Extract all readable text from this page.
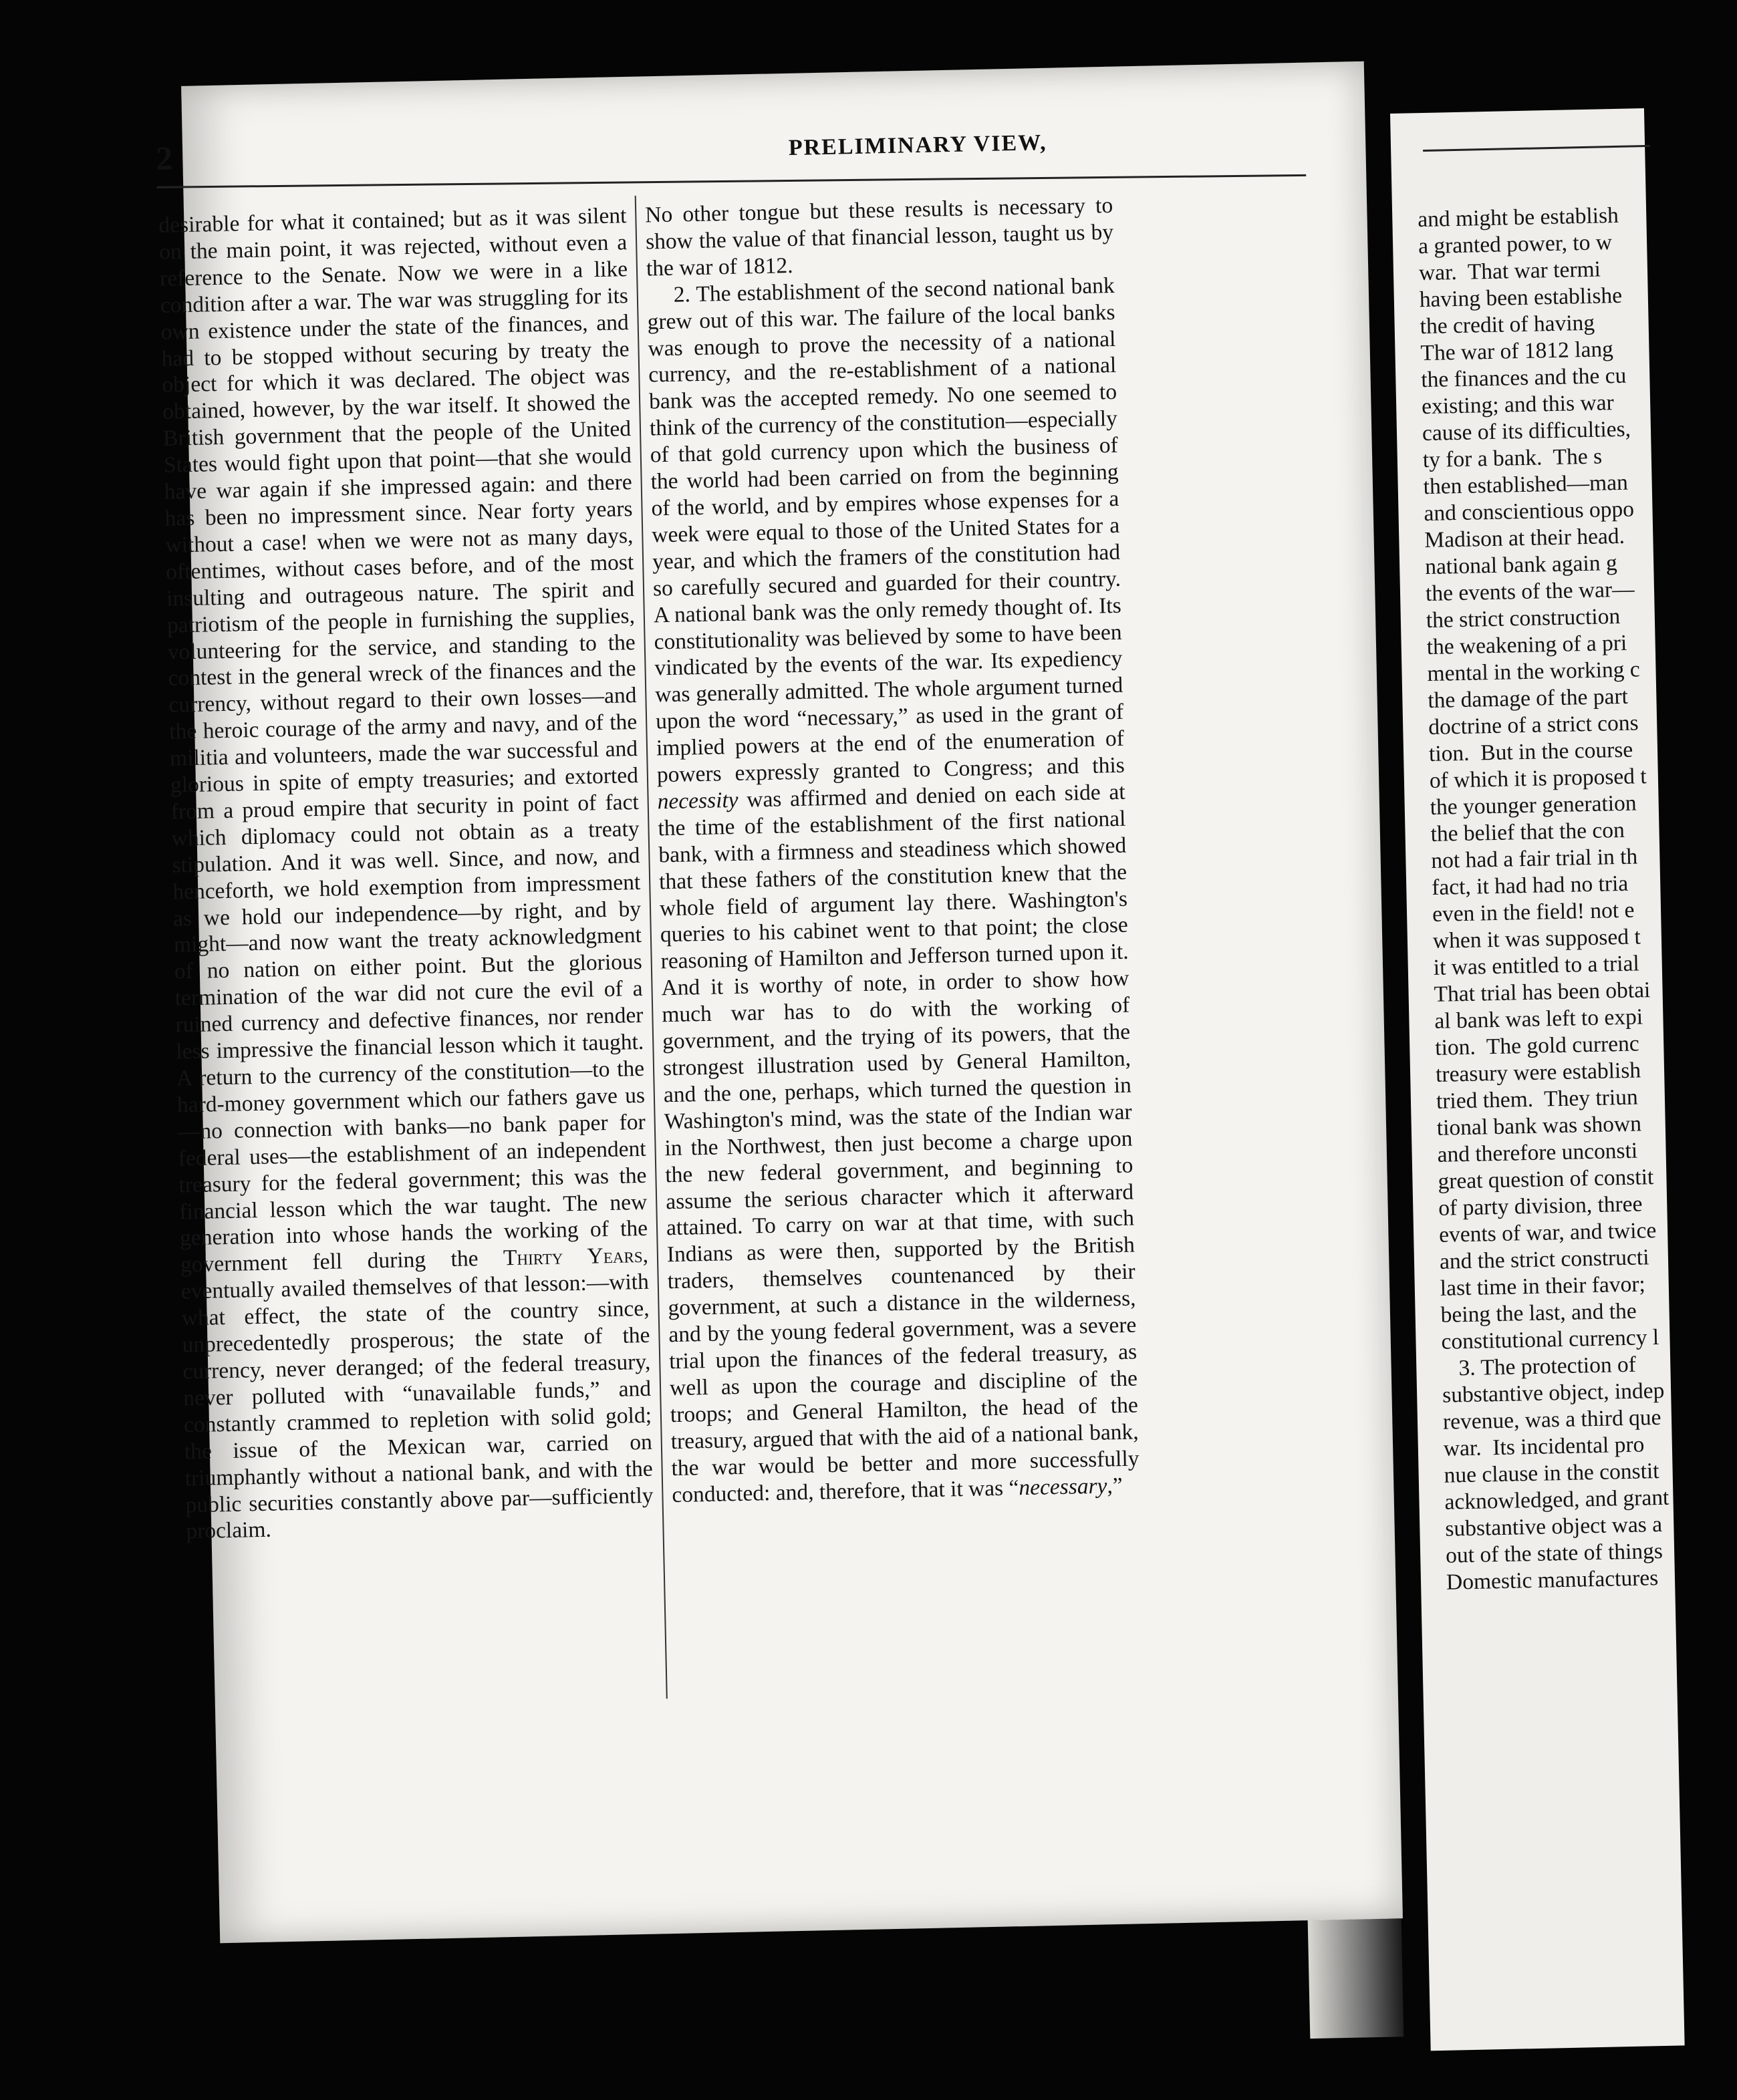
and might be establish
a granted power, to w
war.  That war termi
having been establishe
the credit of having
The war of 1812 lang
the finances and the cu
existing; and this war
cause of its difficulties,
ty for a bank.  The s
then established—man
and conscientious oppo
Madison at their head.
national bank again g
the events of the war—
the strict construction
the weakening of a pri
mental in the working c
the damage of the part
doctrine of a strict cons
tion.  But in the course
of which it is proposed t
the younger generation
the belief that the con
not had a fair trial in th
fact, it had had no tria
even in the field! not e
when it was supposed t
it was entitled to a trial
That trial has been obtai
al bank was left to expi
tion.  The gold currenc
treasury were establish
tried them.  They triun
tional bank was shown
and therefore unconsti
great question of constit
of party division, three
events of war, and twice
and the strict constructi
last time in their favor;
being the last, and the
constitutional currency l
3. The protection of
substantive object, indep
revenue, was a third que
war.  Its incidental pro
nue clause in the constit
acknowledged, and grant
substantive object was a
out of the state of things
Domestic manufactures
2	PRELIMINARY VIEW,

desirable for what it contained; but as it was silent on the main point, it was rejected, without even a reference to the Senate. Now we were in a like condition after a war. The war was struggling for its own existence under the state of the finances, and had to be stopped without securing by treaty the object for which it was declared. The object was obtained, however, by the war itself. It showed the British government that the people of the United States would fight upon that point—that she would have war again if she impressed again: and there has been no impressment since. Near forty years without a case! when we were not as many days, oftentimes, without cases before, and of the most insulting and outrageous nature. The spirit and patriotism of the people in furnishing the supplies, volunteering for the service, and standing to the contest in the general wreck of the finances and the currency, without regard to their own losses—and the heroic courage of the army and navy, and of the militia and volunteers, made the war successful and glorious in spite of empty treasuries; and extorted from a proud empire that security in point of fact which diplomacy could not obtain as a treaty stipulation. And it was well. Since, and now, and henceforth, we hold exemption from impressment as we hold our independence—by right, and by might—and now want the treaty acknowledgment of no nation on either point. But the glorious termination of the war did not cure the evil of a ruined currency and defective finances, nor render less impressive the financial lesson which it taught. A return to the currency of the constitution—to the hard-money government which our fathers gave us—no connection with banks—no bank paper for federal uses—the establishment of an independent treasury for the federal government; this was the financial lesson which the war taught. The new generation into whose hands the working of the government fell during the Thirty Years, eventually availed themselves of that lesson:—with what effect, the state of the country since, unprecedentedly prosperous; the state of the currency, never deranged; of the federal treasury, never polluted with “unavailable funds,” and constantly crammed to repletion with solid gold; the issue of the Mexican war, carried on triumphantly without a national bank, and with the public securities constantly above par—sufficiently proclaim.

No other tongue but these results is necessary to show the value of that financial lesson, taught us by the war of 1812.

2. The establishment of the second national bank grew out of this war. The failure of the local banks was enough to prove the necessity of a national currency, and the re-establishment of a national bank was the accepted remedy. No one seemed to think of the currency of the constitution—especially of that gold currency upon which the business of the world had been carried on from the beginning of the world, and by empires whose expenses for a week were equal to those of the United States for a year, and which the framers of the constitution had so carefully secured and guarded for their country. A national bank was the only remedy thought of. Its constitutionality was believed by some to have been vindicated by the events of the war. Its expediency was generally admitted. The whole argument turned upon the word “necessary,” as used in the grant of implied powers at the end of the enumeration of powers expressly granted to Congress; and this necessity was affirmed and denied on each side at the time of the establishment of the first national bank, with a firmness and steadiness which showed that these fathers of the constitution knew that the whole field of argument lay there. Washington's queries to his cabinet went to that point; the close reasoning of Hamilton and Jefferson turned upon it. And it is worthy of note, in order to show how much war has to do with the working of government, and the trying of its powers, that the strongest illustration used by General Hamilton, and the one, perhaps, which turned the question in Washington's mind, was the state of the Indian war in the Northwest, then just become a charge upon the new federal government, and beginning to assume the serious character which it afterward attained. To carry on war at that time, with such Indians as were then, supported by the British traders, themselves countenanced by their government, at such a distance in the wilderness, and by the young federal government, was a severe trial upon the finances of the federal treasury, as well as upon the courage and discipline of the troops; and General Hamilton, the head of the treasury, argued that with the aid of a national bank, the war would be better and more successfully conducted: and, therefore, that it was “necessary,”
